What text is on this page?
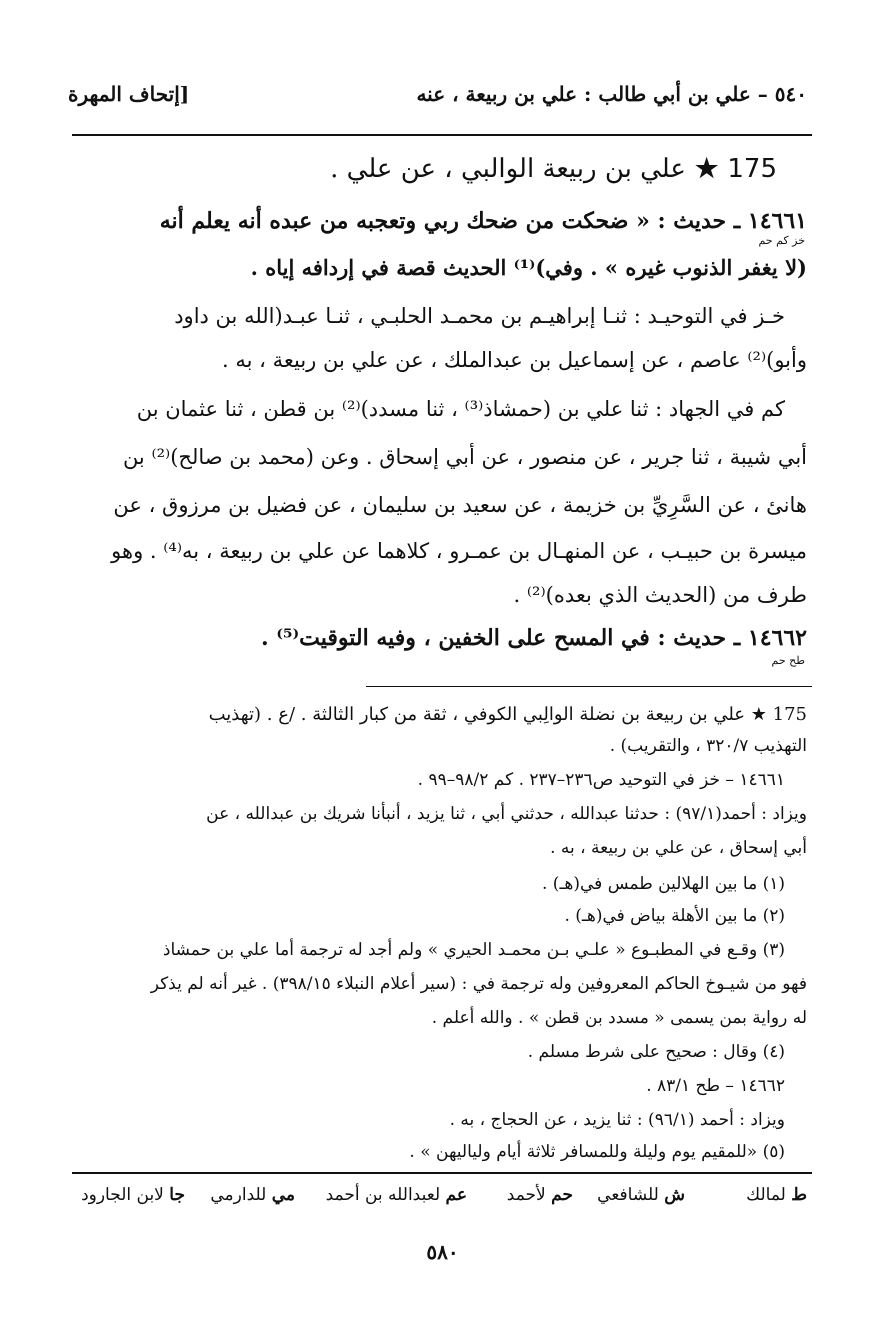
٥٤٠ – علي بن أبي طالب : علي بن ربيعة ، عنه
[إتحاف المهرة
175 ★ علي بن ربيعة الوالبي ، عن علي .
١٤٦٦١ ـ حديث : « ضحكت من ضحك ربي وتعجبه من عبده أنه يعلم أنه
خز كم حم
(لا يغفر الذنوب غيره » . وفي)⁽¹⁾ الحديث قصة في إردافه إياه .
خـز في التوحيـد : ثنـا إبراهيـم بن محمـد الحلبـي ، ثنـا عبـد(الله بن داود
وأبو)⁽²⁾ عاصم ، عن إسماعيل بن عبدالملك ، عن علي بن ربيعة ، به .
كم في الجهاد : ثنا علي بن (حمشاذ⁽³⁾ ، ثنا مسدد)⁽²⁾ بن قطن ، ثنا عثمان بن
أبي شيبة ، ثنا جرير ، عن منصور ، عن أبي إسحاق . وعن (محمد بن صالح)⁽²⁾ بن
هانئ ، عن السَّرِيِّ بن خزيمة ، عن سعيد بن سليمان ، عن فضيل بن مرزوق ، عن
ميسرة بن حبيـب ، عن المنهـال بن عمـرو ، كلاهما عن علي بن ربيعة ، به⁽⁴⁾ . وهو
طرف من (الحديث الذي بعده)⁽²⁾ .
١٤٦٦٢ ـ حديث : في المسح على الخفين ، وفيه التوقيت⁽⁵⁾ .
طح حم
175 ★ علي بن ربيعة بن نضلة الوالِبي الكوفي ، ثقة من كبار الثالثة . /ع . (تهذيب
التهذيب ٣٢٠/٧ ، والتقريب) .
١٤٦٦١ – خز في التوحيد ص٢٣٦–٢٣٧ . كم ٩٨/٢–٩٩ .
ويزاد : أحمد(٩٧/١) : حدثنا عبدالله ، حدثني أبي ، ثنا يزيد ، أنبأنا شريك بن عبدالله ، عن
أبي إسحاق ، عن علي بن ربيعة ، به .
(١) ما بين الهلالين طمس في(هـ) .
(٢) ما بين الأهلة بياض في(هـ) .
(٣) وقـع في المطبـوع « علـي بـن محمـد الحيري » ولم أجد له ترجمة أما علي بن حمشاذ
فهو من شيـوخ الحاكم المعروفين وله ترجمة في : (سير أعلام النبلاء ٣٩٨/١٥) . غير أنه لم يذكر
له رواية بمن يسمى « مسدد بن قطن » . والله أعلم .
(٤) وقال : صحيح على شرط مسلم .
١٤٦٦٢ – طح ٨٣/١ .
ويزاد : أحمد (٩٦/١) : ثنا يزيد ، عن الحجاج ، به .
(٥) «للمقيم يوم وليلة وللمسافر ثلاثة أيام ولياليهن » .
ط لمالك
ش للشافعي
حم لأحمد
عم لعبدالله بن أحمد
مي للدارمي
جا لابن الجارود
٥٨٠
